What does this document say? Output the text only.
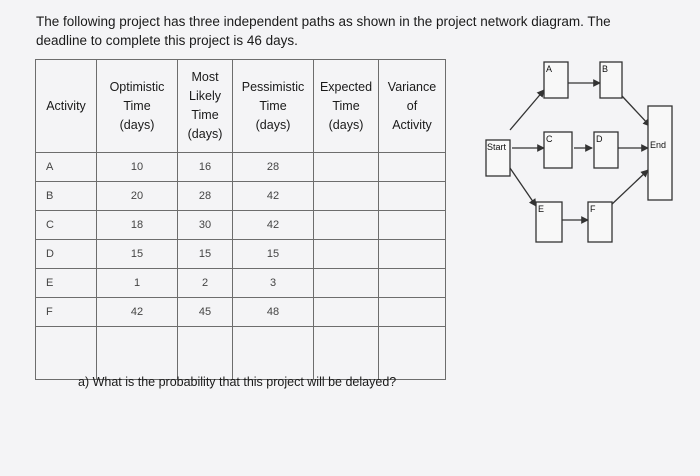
The following project has three independent paths as shown in the project network diagram. The
deadline to complete this project is 46 days.
Activity	Optimistic
Time
(days)	Most
Likely
Time
(days)	Pessimistic
Time
(days)	Expected
Time
(days)	Variance
of
Activity

A	10	16	28		
B	20	28	42		
C	18	30	42		
D	15	15	15		
E	1	2	3		
F	42	45	48		

Start
A	B
C	D
E	F
End
a) What is the probability that this project will be delayed?
